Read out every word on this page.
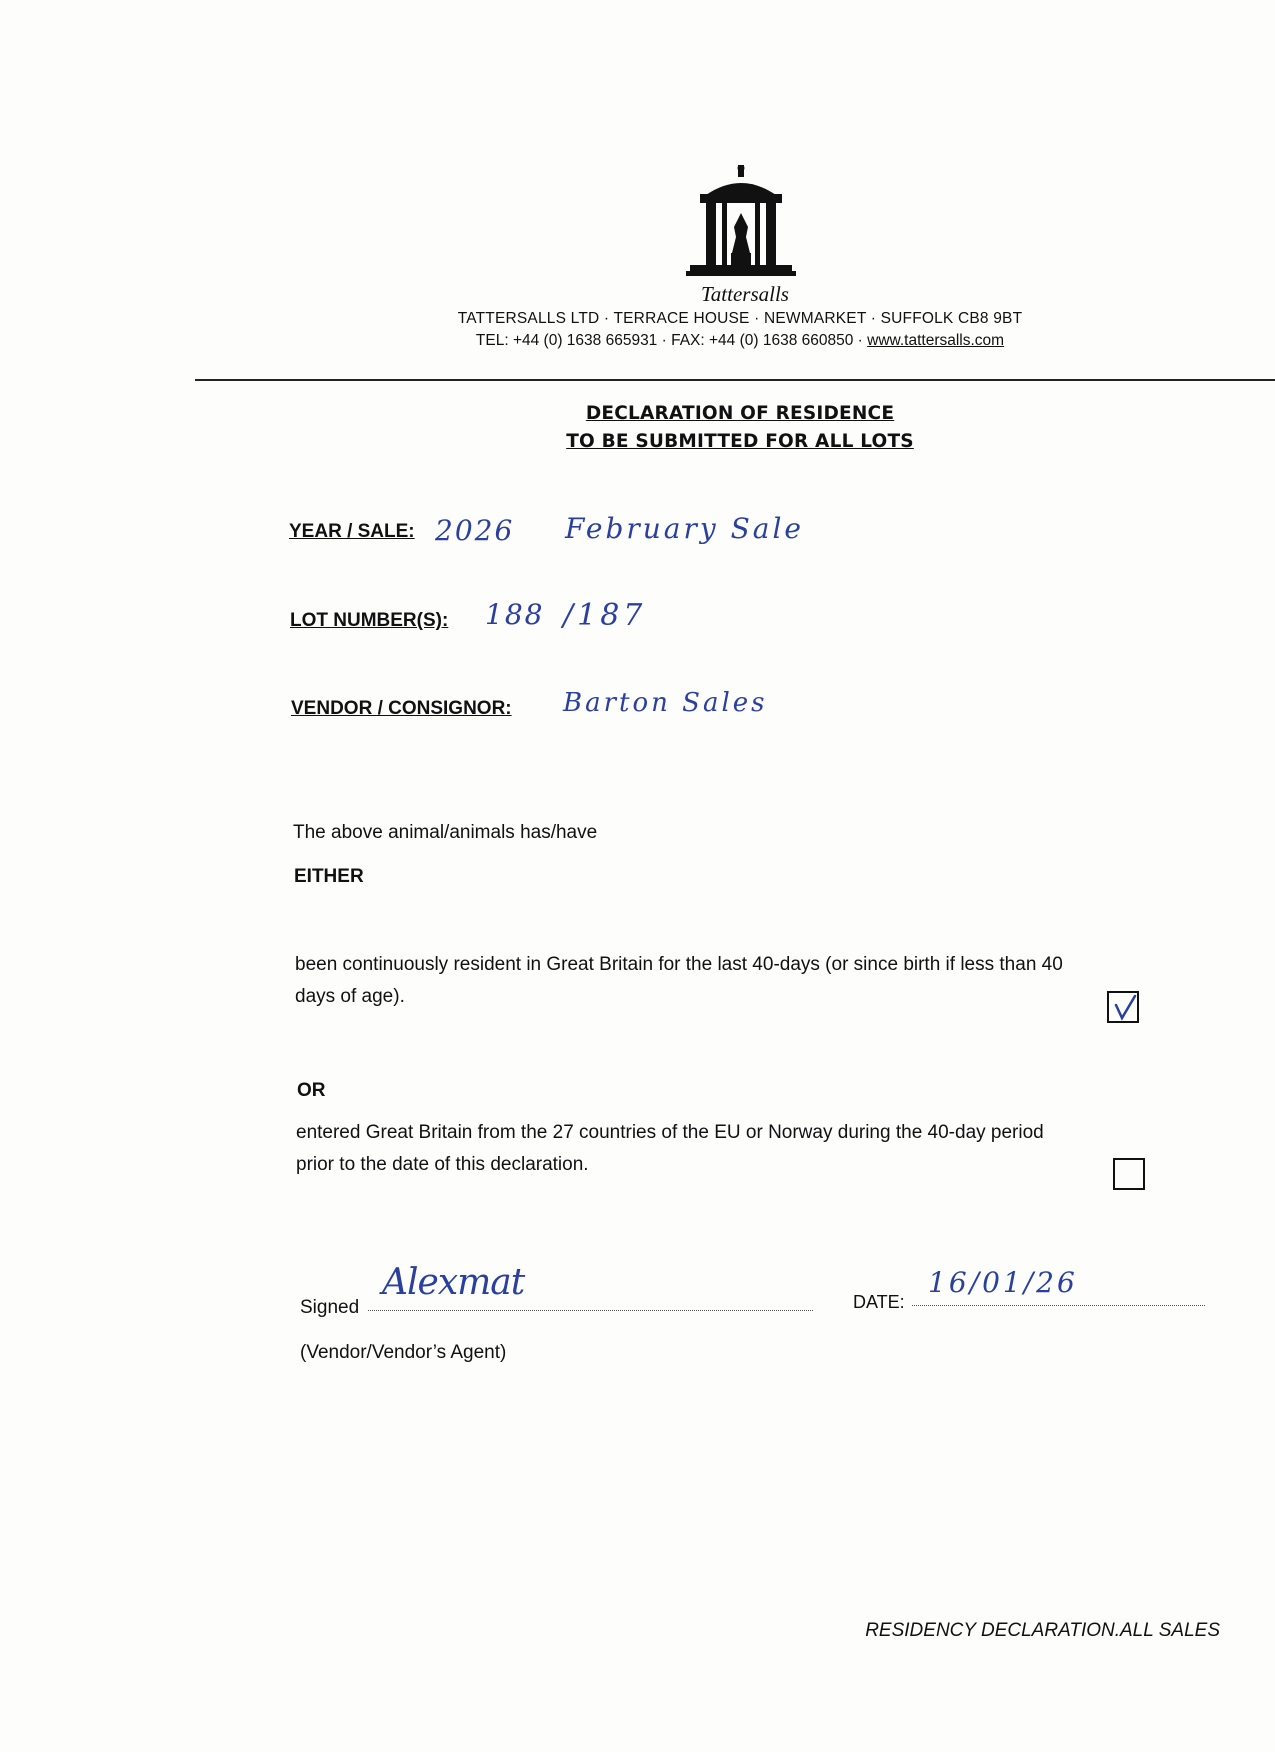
Tattersalls
TATTERSALLS LTD · TERRACE HOUSE · NEWMARKET · SUFFOLK CB8 9BT
TEL: +44 (0) 1638 665931 · FAX: +44 (0) 1638 660850 · www.tattersalls.com
DECLARATION OF RESIDENCE
TO BE SUBMITTED FOR ALL LOTS
YEAR / SALE: 2026 February Sale
LOT NUMBER(S): 188 /187
VENDOR / CONSIGNOR: Barton Sales
The above animal/animals has/have
EITHER
been continuously resident in Great Britain for the last 40-days (or since birth if less than 40
days of age).
OR
entered Great Britain from the 27 countries of the EU or Norway during the 40-day period
prior to the date of this declaration.
Signed
Alexmat	DATE:
16/01/26
(Vendor/Vendor’s Agent)
RESIDENCY DECLARATION.ALL SALES
